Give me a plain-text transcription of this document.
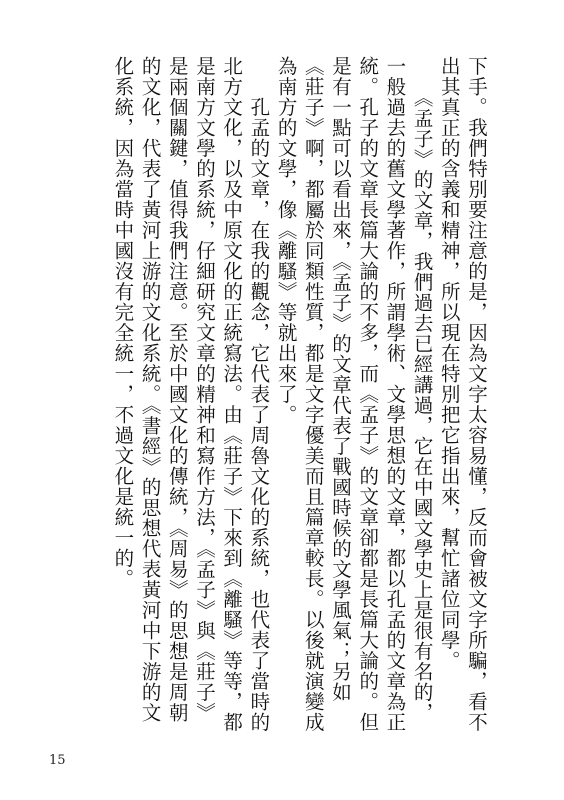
下手。我們特別要注意的是，因為文字太容易懂，反而會被文字所騙，看不
出其真正的含義和精神，所以現在特別把它指出來，幫忙諸位同學。
　　《孟子》的文章，我們過去已經講過，它在中國文學史上是很有名的，
一般過去的舊文學著作，所謂學術、文學思想的文章，都以孔孟的文章為正
統。孔子的文章長篇大論的不多，而《孟子》的文章卻都是長篇大論的。但
是有一點可以看出來，《孟子》的文章代表了戰國時候的文學風氣；另如
《莊子》啊，都屬於同類性質，都是文字優美而且篇章較長。以後就演變成
為南方的文學，像《離騷》等就出來了。
　　孔孟的文章，在我的觀念，它代表了周魯文化的系統，也代表了當時的
北方文化，以及中原文化的正統寫法。由《莊子》下來到《離騷》等等，都
是南方文學的系統，仔細研究文章的精神和寫作方法，《孟子》與《莊子》
是兩個關鍵，值得我們注意。至於中國文化的傳統，《周易》的思想是周朝
的文化，代表了黃河上游的文化系統。《書經》的思想代表黃河中下游的文
化系統，因為當時中國沒有完全統一，不過文化是統一的。
15
